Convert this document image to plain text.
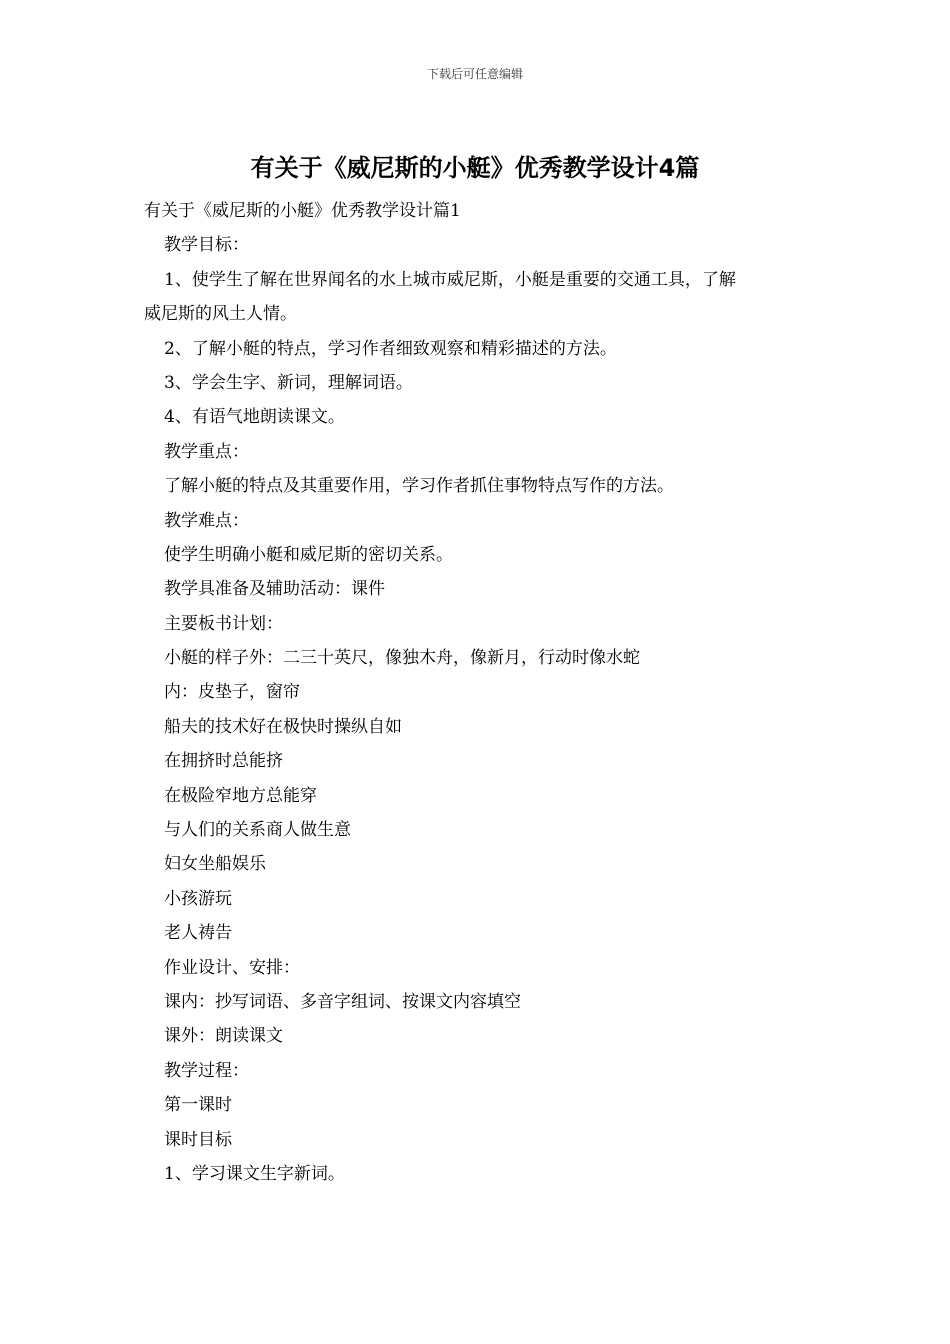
下载后可任意编辑
有关于《威尼斯的小艇》优秀教学设计4篇
有关于《威尼斯的小艇》优秀教学设计篇1
教学目标：
1、使学生了解在世界闻名的水上城市威尼斯，小艇是重要的交通工具，了解
威尼斯的风土人情。
2、了解小艇的特点，学习作者细致观察和精彩描述的方法。
3、学会生字、新词，理解词语。
4、有语气地朗读课文。
教学重点：
了解小艇的特点及其重要作用，学习作者抓住事物特点写作的方法。
教学难点：
使学生明确小艇和威尼斯的密切关系。
教学具准备及辅助活动：课件
主要板书计划：
小艇的样子外：二三十英尺，像独木舟，像新月，行动时像水蛇
内：皮垫子，窗帘
船夫的技术好在极快时操纵自如
在拥挤时总能挤
在极险窄地方总能穿
与人们的关系商人做生意
妇女坐船娱乐
小孩游玩
老人祷告
作业设计、安排：
课内：抄写词语、多音字组词、按课文内容填空
课外：朗读课文
教学过程：
第一课时
课时目标
1、学习课文生字新词。
